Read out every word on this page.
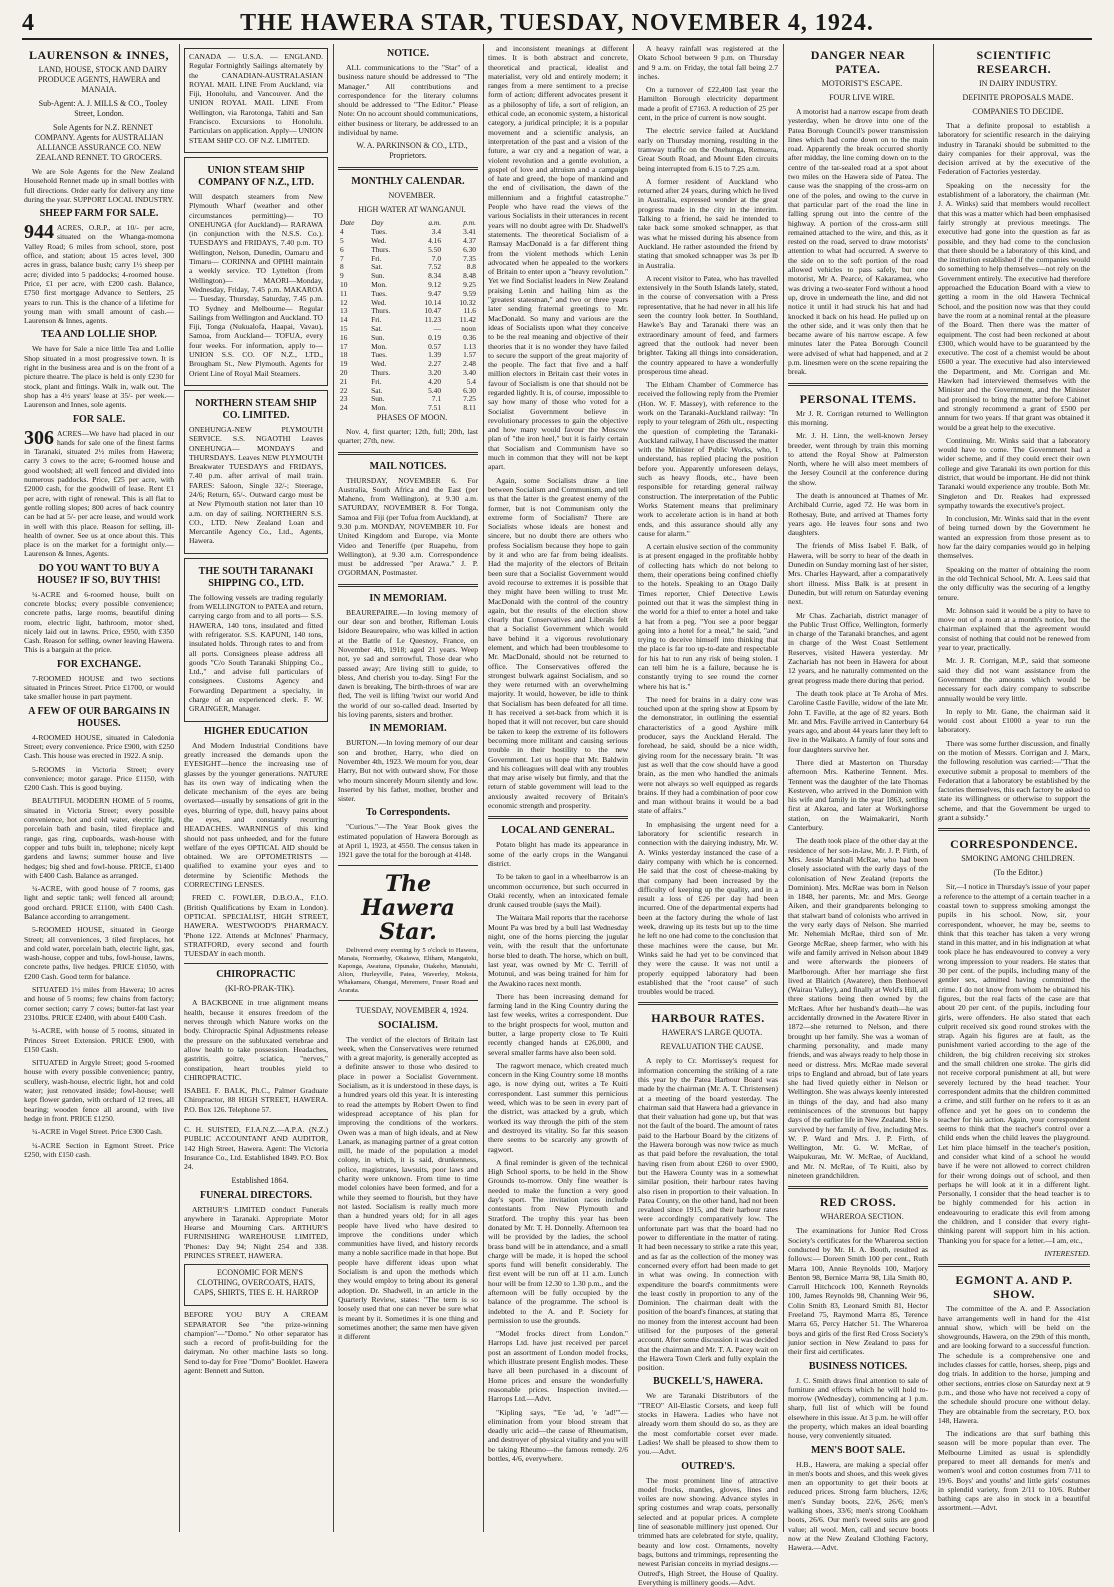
4	THE HAWERA STAR, TUESDAY, NOVEMBER 4, 1924.
LAURENSON & INNES,

LAND, HOUSE, STOCK AND DAIRY PRODUCE AGENTS, HAWERA and MANAIA.

Sub-Agent: A. J. MILLS & CO., Tooley Street, London.

Sole Agents for N.Z. RENNET COMPANY. Agents for AUSTRALIAN ALLIANCE ASSURANCE CO. NEW ZEALAND RENNET. TO GROCERS.

We are Sole Agents for the New Zealand Household Rennet made up in small bottles with full directions. Order early for delivery any time during the year. SUPPORT LOCAL INDUSTRY.

SHEEP FARM FOR SALE.

944 ACRES, O.R.P., at 10/- per acre, situated on the Whanga-momona Valley Road; 6 miles from school, store, post office, and station; about 15 acres level, 300 acres in grass, balance bush; carry 1½ sheep per acre; divided into 5 paddocks; 4-roomed house. Price, £1 per acre, with £200 cash. Balance, £750 first mortgage Advance to Settlers, 25 years to run. This is the chance of a lifetime for young man with small amount of cash.—Laurenson & Innes, agents.

TEA AND LOLLIE SHOP.

We have for Sale a nice little Tea and Lollie Shop situated in a most progressive town. It is right in the business area and is on the front of a picture theatre. The place is held is only £230 for stock, plant and fittings. Walk in, walk out. The shop has a 4½ years' lease at 35/- per week.—Laurenson and Innes, sole agents.

FOR SALE.

306 ACRES—We have had placed in our hands for sale one of the finest farms in Taranaki, situated 2½ miles from Hawera; carry 3 cows to the acre; 6-roomed house and good woolshed; all well fenced and divided into numerous paddocks. Price, £25 per acre, with £2000 cash, for the goodwill of lease. Rent £1 per acre, with right of renewal. This is all flat to gentle rolling slopes; 800 acres of back country can be had at 5/- per acre lease, and would work in well with this place. Reason for selling, ill-health of owner. See us at once about this. This place is on the market for a fortnight only.—Laurenson & Innes, Agents.

DO YOU WANT TO BUY A HOUSE? IF SO, BUY THIS!

¼-ACRE and 6-roomed house, built on concrete blocks; every possible convenience; concrete paths, large rooms, beautiful dining room, electric light, bathroom, motor shed, nicely laid out in lawns. Price, £950, with £350 Cash. Reason for selling, owner leaving Hawera. This is a bargain at the price.

FOR EXCHANGE.

7-ROOMED HOUSE and two sections situated in Princes Street. Price £1700, or would take smaller house in part payment.

A FEW OF OUR BARGAINS IN HOUSES.

4-ROOMED HOUSE, situated in Caledonia Street; every convenience. Price £900, with £250 Cash. This house was erected in 1922. A snip.

5-ROOMS in Victoria Street; every convenience; motor garage. Price £1150, with £200 Cash. This is good buying.

BEAUTIFUL MODERN HOME of 5 rooms, situated in Victoria Street; every possible convenience, hot and cold water, electric light, porcelain bath and basin, tiled fireplace and range, gas ring, cupboards, wash-house with copper and tubs built in, telephone; nicely kept gardens and lawns; summer house and live hedges; big shed and fowl-house. PRICE, £1400 with £400 Cash. Balance as arranged.

¼-ACRE, with good house of 7 rooms, gas light and septic tank; well fenced all around; good orchard. PRICE £1100, with £400 Cash. Balance according to arrangement.

5-ROOMED HOUSE, situated in George Street; all conveniences, 3 tiled fireplaces, hot and cold water, porcelain bath, electric light, gas, wash-house, copper and tubs, fowl-house, lawns, concrete paths, live hedges. PRICE £1050, with £200 Cash. Good term for balance.

SITUATED 1½ miles from Hawera; 10 acres and house of 5 rooms; few chains from factory; corner section; carry 7 cows; butter-fat last year 2310lbs. PRICE £2400, with about £400 Cash.

¼-ACRE, with house of 5 rooms, situated in Princes Street Extension. PRICE £900, with £150 Cash.

SITUATED in Argyle Street; good 5-roomed house with every possible convenience; pantry, scullery, wash-house, electric light, hot and cold water; just renovated inside; fowl-house; well kept flower garden, with orchard of 12 trees, all bearing; wooden fence all around, with live hedge in front. PRICE £1250.

¼-ACRE in Vogel Street. Price £300 Cash.

¼-ACRE Section in Egmont Street. Price £250, with £150 cash.

CANADA — U.S.A. — ENGLAND. Regular Fortnightly Sailings alternately by the CANADIAN-AUSTRALASIAN ROYAL MAIL LINE From Auckland, via Fiji, Honolulu, and Vancouver. And the UNION ROYAL MAIL LINE From Wellington, via Rarotonga, Tahiti and San Francisco. Excursions to Honolulu. Particulars on application. Apply— UNION STEAM SHIP CO. OF N.Z. LIMITED.

UNION STEAM SHIP COMPANY OF N.Z., LTD.

Will despatch steamers from New Plymouth Wharf (weather and other circumstances permitting)— TO ONEHUNGA (for Auckland)— RARAWA (in conjunction with the N.S.S. Co.). TUESDAYS and FRIDAYS, 7.40 p.m. TO Wellington, Nelson, Dunedin, Oamaru and Timaru— CORINNA and OPIHI maintain a weekly service. TO Lyttelton (from Wellington)— MAORI—Monday, Wednesday, Friday, 7.45 p.m. MAKAROA — Tuesday, Thursday, Saturday, 7.45 p.m. TO Sydney and Melbourne— Regular Sailings from Wellington and Auckland. TO Fiji, Tonga (Nukualofa, Haapai, Vavau), Samoa, from Auckland— TOFUA, every four weeks. For information, apply to— UNION S.S. CO. OF N.Z., LTD., Brougham St., New Plymouth. Agents for Orient Line of Royal Mail Steamers.

NORTHERN STEAM SHIP CO. LIMITED.

ONEHUNGA-NEW PLYMOUTH SERVICE. S.S. NGAOTHI Leaves ONEHUNGA— MONDAYS and THURSDAYS. Leaves NEW PLYMOUTH Breakwater TUESDAYS and FRIDAYS, 7.40 p.m. after arrival of mail train. FARES: Saloon, Single 32/-; Steerage, 24/6; Return, 65/-. Outward cargo must be at New Plymouth station not later than 10 a.m. on day of sailing. NORTHERN S.S. CO., LTD. New Zealand Loan and Mercantile Agency Co., Ltd., Agents, Hawera.

THE SOUTH TARANAKI SHIPPING CO., LTD.

The following vessels are trading regularly from WELLINGTON to PATEA and return, carrying cargo from and to all ports— S.S. HAWERA, 140 tons, insulated and fitted with refrigerator. S.S. KAPUNI, 140 tons, insulated holds. Through rates to and from all ports. Consignees please address all goods "C/o South Taranaki Shipping Co., Ltd.," and advise full particulars of consignees. Customs Agency and Forwarding Department a specialty, in charge of an experienced clerk. F. W. GRAINGER, Manager.

HIGHER EDUCATION

And Modern Industrial Conditions have greatly increased the demands upon the EYESIGHT—hence the increasing use of glasses by the younger generations. NATURE has its own way of indicating when the delicate mechanism of the eyes are being overtaxed—usually by sensations of grit in the eyes, blurring of type, dull, heavy pains about the eyes, and constantly recurring HEADACHES. WARNINGS of this kind should not pass unheeded, and for the future welfare of the eyes OPTICAL AID should be obtained. We are OPTOMETRISTS —qualified to examine your eyes and to determine by Scientific Methods the CORRECTING LENSES.

FRED C. FOWLER, D.B.O.A., F.I.O. (British Qualifications by Exam in London). OPTICAL SPECIALIST, HIGH STREET, HAWERA. WESTWOOD'S PHARMACY. 'Phone 122. Attends at McInnes' Pharmacy, STRATFORD, every second and fourth TUESDAY in each month.

CHIROPRACTIC

(KI-RO-PRAK-TIK).

A BACKBONE in true alignment means health, because it ensures freedom of the nerves through which Nature works on the body. Chiropractic Spinal Adjustments release the pressure on the subluxated vertebrae and allow health to take possession. Headaches, gastritis, goitre, sciatica, "nerves," constipation, heart troubles yield to CHIROPRACTIC.

ISABEL F. BALK, Ph.C., Palmer Graduate Chiropractor, 88 HIGH STREET, HAWERA. P.O. Box 126. Telephone 57.

C. H. SUISTED, F.I.A.N.Z.—A.P.A. (N.Z.) PUBLIC ACCOUNTANT AND AUDITOR, 142 High Street, Hawera. Agent: The Victoria Insurance Co., Ltd. Established 1849. P.O. Box 24.

Established 1864.

FUNERAL DIRECTORS.

ARTHUR'S LIMITED conduct Funerals anywhere in Taranaki. Appropriate Motor Hearse and Mourning Cars. ARTHUR'S FURNISHING WAREHOUSE LIMITED, 'Phones: Day 94; Night 254 and 338. PRINCES STREET, HAWERA.

ECONOMIC FOR MEN'S CLOTHING, OVERCOATS, HATS, CAPS, SHIRTS, TIES E. H. HARROP

BEFORE YOU BUY A CREAM SEPARATOR See "the prize-winning champion"—"Domo." No other separator has such a record of profit-building for the dairyman. No other machine lasts so long. Send to-day for Free "Domo" Booklet. Hawera agent: Bennett and Sutton.

NOTICE.

ALL communications to the "Star" of a business nature should be addressed to "The Manager." All contributions and correspondence for the literary columns should be addressed to "The Editor." Please Note: On no account should communications, either business or literary, be addressed to an individual by name.

W. A. PARKINSON & CO., LTD., Proprietors.

MONTHLY CALENDAR.

NOVEMBER.

HIGH WATER AT WANGANUI.

Date	Day	a.m.	p.m.
4	Tues.	3.4	3.41
5	Wed.	4.16	4.37
6	Thurs.	5.50	6.30
7	Fri.	7.0	7.35
8	Sat.	7.52	8.8
9	Sun.	8.34	8.48
10	Mon.	9.12	9.25
11	Tues.	9.47	9.59
12	Wed.	10.14	10.32
13	Thurs.	10.47	11.6
14	Fri.	11.23	11.42
15	Sat.	—	noon
16	Sun.	0.19	0.36
17	Mon.	0.57	1.13
18	Tues.	1.39	1.57
19	Wed.	2.27	2.48
20	Thurs.	3.20	3.40
21	Fri.	4.20	5.4
22	Sat.	5.40	6.30
23	Sun.	7.1	7.25
24	Mon.	7.51	8.11

PHASES OF MOON.

Nov. 4, first quarter; 12th, full; 20th, last quarter; 27th, new.

MAIL NOTICES.

THURSDAY, NOVEMBER 6. For Australia, South Africa and the East (per Maheno, from Wellington), at 9.30 a.m. SATURDAY, NOVEMBER 8. For Tonga, Samoa and Fiji (per Tofua from Auckland), at 9.30 p.m. MONDAY, NOVEMBER 10. For United Kingdom and Europe, via Monte Video and Teneriffe (per Ruapehu, from Wellington), at 9.30 a.m. Correspondence must be addressed "per Arawa." J. P. O'GORMAN, Postmaster.

IN MEMORIAM.

BEAUREPAIRE.—In loving memory of our dear son and brother, Rifleman Louis Isidore Beaurepaire, who was killed in action at the Battle of Le Quesnoy, France, on November 4th, 1918; aged 21 years. Weep not, ye sad and sorrowful, Those dear who passed away; Are living still to guide, to bless, And cherish you to-day. Sing! For the dawn is breaking, The birth-throes of war are fled, The veil is lifting 'twixt our world And the world of our so-called dead. Inserted by his loving parents, sisters and brother.

IN MEMORIAM.

BURTON.—In loving memory of our dear son and brother, Harry, who died on November 4th, 1923. We mourn for you, dear Harry, But not with outward show, For those who mourn sincerely Mourn silently and low. Inserted by his father, mother, brother and sister.

To Correspondents.

"Curious."—The Year Book gives the estimated population of Hawera Borough as at April 1, 1923, at 4550. The census taken in 1921 gave the total for the borough at 4148.

The Hawera Star.

Delivered every evening by 5 o'clock to Hawera, Manaia, Normanby, Okaiawa, Eltham, Mangatoki, Kaponga, Awatuna, Opunake, Otakeho, Manutahi, Alton, Hurleyville, Patea, Waverley, Mokoia, Whakamara, Ohangai, Meremere, Fraser Road and Ararata.

TUESDAY, NOVEMBER 4, 1924.

SOCIALISM.

The verdict of the electors of Britain last week, when the Conservatives were returned with a great majority, is generally accepted as a definite answer to those who desired to place in power a Socialist Government. Socialism, as it is understood in these days, is a hundred years old this year. It is interesting to read the attempts by Robert Owen to find widespread acceptance of his plan for improving the conditions of the workers. Owen was a man of high ideals, and at New Lanark, as managing partner of a great cotton mill, he made of the population a model colony, in which, it is said, drunkenness, police, magistrates, lawsuits, poor laws and charity were unknown. From time to time model colonies have been formed, and for a while they seemed to flourish, but they have not lasted. Socialism is really much more than a hundred years old; for in all ages people have lived who have desired to improve the conditions under which communities have lived, and history records many a noble sacrifice made in that hope. But people have different ideas upon what Socialism is and upon the methods which they would employ to bring about its general adoption. Dr. Shadwell, in an article in the Quarterly Review, states: "The term is so loosely used that one can never be sure what is meant by it. Sometimes it is one thing and sometimes another; the same men have given it different

and inconsistent meanings at different times. It is both abstract and concrete, theoretical and practical, idealist and materialist, very old and entirely modern; it ranges from a mere sentiment to a precise form of action; different advocates present it as a philosophy of life, a sort of religion, an ethical code, an economic system, a historical category, a juridical principle; it is a popular movement and a scientific analysis, an interpretation of the past and a vision of the future, a war cry and a negation of war, a violent revolution and a gentle evolution, a gospel of love and altruism and a campaign of hate and greed, the hope of mankind and the end of civilisation, the dawn of the millennium and a frightful catastrophe." People who have read the views of the various Socialists in their utterances in recent years will no doubt agree with Dr. Shadwell's statements. The theoretical Socialism of a Ramsay MacDonald is a far different thing from the violent methods which Lenin advocated when he appealed to the workers of Britain to enter upon a "heavy revolution." Yet we find Socialist leaders in New Zealand praising Lenin and hailing him as the "greatest statesman," and two or three years later sending fraternal greetings to Mr. MacDonald. So many and various are the ideas of Socialists upon what they conceive to be the real meaning and objective of their theories that it is no wonder they have failed to secure the support of the great majority of the people. The fact that five and a half million electors in Britain cast their votes in favour of Socialism is one that should not be regarded lightly. It is, of course, impossible to say how many of those who voted for a Socialist Government believe in revolutionary processes to gain the objective and how many would favour the Moscow plan of "the iron heel," but it is fairly certain that Socialism and Communism have so much in common that they will not be kept apart.

Again, some Socialists draw a line between Socialism and Communism, and tell us that the latter is the greatest enemy of the former, but is not Communism only the extreme form of Socialism? There are Socialists whose ideals are honest and sincere, but no doubt there are others who profess Socialism because they hope to gain by it and who are far from being idealists. Had the majority of the electors of Britain been sure that a Socialist Government would avoid recourse to extremes it is possible that they might have been willing to trust Mr. MacDonald with the control of the country again, but the results of the election show clearly that Conservatives and Liberals felt that a Socialist Government which would have behind it a vigorous revolutionary element, and which had been troublesome to Mr. MacDonald, should not be returned to office. The Conservatives offered the strongest bulwark against Socialism, and so they were returned with an overwhelming majority. It would, however, be idle to think that Socialism has been defeated for all time. It has received a set-back from which it is hoped that it will not recover, but care should be taken to keep the extreme of its followers becoming more militant and causing serious trouble in their hostility to the new Government. Let us hope that Mr. Baldwin and his colleagues will deal with any troubles that may arise wisely but firmly, and that the return of stable government will lead to the anxiously awaited recovery of Britain's economic strength and prosperity.

LOCAL AND GENERAL.

Potato blight has made its appearance in some of the early crops in the Wanganui district.

To be taken to gaol in a wheelbarrow is an uncommon occurrence, but such occurred in Otaki recently, when an intoxicated female drunk caused trouble (says the Mail).

The Waitara Mail reports that the racehorse Mount Pa was bred by a bull last Wednesday night, one of the horns piercing the jugular vein, with the result that the unfortunate horse bled to death. The horse, which on bull, last year, was owned by Mr C. Terrill of Motunui, and was being trained for him for the Awakino races next month.

There has been increasing demand for farming land in the King Country during the last few weeks, writes a correspondent. Due to the bright prospects for wool, mutton and butter, a large property close to Te Kuiti recently changed hands at £26,000, and several smaller farms have also been sold.

The ragwort menace, which created much concern in the King Country some 18 months ago, is now dying out, writes a Te Kuiti correspondent. Last summer this pernicious weed, which was to be seen in every part of the district, was attacked by a grub, which worked its way through the pith of the stem and destroyed its vitality. So far this season there seems to be scarcely any growth of ragwort.

A final reminder is given of the technical High School sports, to be held in the Show Grounds to-morrow. Only fine weather is needed to make the function a very good day's sport. The invitation races include contestants from New Plymouth and Stratford. The trophy this year has been donated by Mr. T. H. Donnelly. Afternoon tea will be provided by the ladies, the school brass band will be in attendance, and a small charge will be made, it is hoped the school sports fund will benefit considerably. The first event will be run off at 11 a.m. Lunch hour will be from 12.30 to 1.30 p.m., and the afternoon will be fully occupied by the balance of the programme. The school is indebted to the A. and P. Society for permission to use the grounds.

"Model frocks direct from London." Harrops Ltd. have just received per parcel post an assortment of London model frocks, which illustrate present English modes. These have all been purchased in a discount of Home prices and ensure the wonderfully reasonable prices. Inspection invited.—Harrops Ltd.—Advt.

"Kipling says, "'Ee 'ad, 'e 'ad!'"—elimination from your blood stream that deadly uric acid—the cause of Rheumatism, and destroyer of physical vitality and you will be taking Rheumo—the famous remedy. 2/6 bottles, 4/6, everywhere.

A heavy rainfall was registered at the Okato School between 9 p.m. on Thursday and 9 a.m. on Friday, the total fall being 2.7 inches.

On a turnover of £22,400 last year the Hamilton Borough electricity department made a profit of £7163. A reduction of 25 per cent, in the price of current is now sought.

The electric service failed at Auckland early on Thursday morning, resulting in the tramway traffic on the Onehunga, Remuera, Great South Road, and Mount Eden circuits being interrupted from 6.15 to 7.25 a.m.

A former resident of Auckland who returned after 24 years, during which he lived in Australia, expressed wonder at the great progress made in the city in the interim. Talking to a friend, he said he intended to take back some smoked schnapper, as that was what he missed during his absence from Auckland. He rather astounded the friend by stating that smoked schnapper was 3s per lb in Australia.

A recent visitor to Patea, who has travelled extensively in the South Islands lately, stated, in the course of conversation with a Press representative, that he had never in all his life seen the country look better. In Southland, Hawke's Bay and Taranaki there was an extraordinary amount of feed, and farmers agreed that the outlook had never been brighter. Taking all things into consideration, the country appeared to have a wonderfully prosperous time ahead.

The Eltham Chamber of Commerce has received the following reply from the Premier (Hon. W. F. Massey), with reference to the work on the Taranaki-Auckland railway: "In reply to your telegram of 26th ult., respecting the question of completing the Taranaki-Auckland railway, I have discussed the matter with the Minister of Public Works, who, I understand, has replied placing the position before you. Apparently unforeseen delays, such as heavy floods, etc., have been responsible for retarding general railway construction. The interpretation of the Public Works Statement means that preliminary work to accelerate action is in hand at both ends, and this assurance should ally any cause for alarm."

A certain elusive section of the community is at present engaged in the profitable hobby of collecting hats which do not belong to them, their operations being confined chiefly to the hotels. Speaking to an Otago Daily Times reporter, Chief Detective Lewis pointed out that it was the simplest thing in the world for a thief to enter a hotel and take a hat from a peg. "You see a poor beggar going into a hotel for a meal," he said, "and trying to deceive himself into thinking that the place is far too up-to-date and respectable for his hat to run any risk of being stolen. I can tell him he is a failure, because he is constantly trying to see round the corner where his hat is."

The need for brains in a dairy cow was touched upon at the spring show at Epsom by the demonstrator, in outlining the essential characteristics of a good Ayshire milk producer, says the Auckland Herald. The forehead, he said, should be a nice width, giving room for the necessary brain. "It was just as well that the cow should have a good brain, as the men who handled the animals were not always so well equipped as regards brains. If they had a combination of poor cow and man without brains it would be a bad state of affairs."

In emphasising the urgent need for a laboratory for scientific research in connection with the dairying industry, Mr. W. A. Winks yesterday instanced the case of a dairy company with which he is concerned. He said that the cost of cheese-making by that company had been increased by the difficulty of keeping up the quality, and in a result a loss of £26 per day had been incurred. One of the departmental experts had been at the factory during the whole of last week, drawing up its tests but up to the time he left no one had come to the conclusion that these machines were the cause, but Mr. Winks said he had yet to be convinced that they were the cause. It was not until a properly equipped laboratory had been established that the "root cause" of such troubles would be traced.

HARBOUR RATES.

HAWERA'S LARGE QUOTA.

REVALUATION THE CAUSE.

A reply to Cr. Morrissey's request for information concerning the striking of a rate this year by the Patea Harbour Board was made by the chairman (Mr. A. T. Christensen) at a meeting of the board yesterday. The chairman said that Hawera had a grievance in that their valuation had gone up, but that was not the fault of the board. The amount of rates paid to the Harbour Board by the citizens of the Hawera borough was now twice as much as that paid before the revaluation, the total having risen from about £260 to over £900, but the Hawera County was in a somewhat similar position, their harbour rates having also risen in proportion to their valuation. In Patea County, on the other hand, had not been revalued since 1915, and their harbour rates were accordingly comparatively low. The unfortunate part was that the board had no power to differentiate in the matter of rating. It had been necessary to strike a rate this year, and as far as the collection of the money was concerned every effort had been made to get in what was owing. In connection with expenditure the board's commitments were the least costly in proportion to any of the Dominion. The chairman dealt with the position of the board's finances, at stating that no money from the interest account had been utilised for the purposes of the general account. After some discussion it was decided that the chairman and Mr. T. A. Pacey wait on the Hawera Town Clerk and fully explain the position.

BUCKELL'S, HAWERA.

We are Taranaki Distributors of the "TREO" All-Elastic Corsets, and keep full stocks in Hawera. Ladies who have not already worn them should do so, as they are the most comfortable corset ever made. Ladies! We shall be pleased to show them to you.—Advt.

OUTRED'S.

The most prominent line of attractive model frocks, mantles, gloves, lines and voiles are now showing. Advance styles in spring costumes and wrap coats, personally selected and at popular prices. A complete line of seasonable millinery just opened. Our trimmed hats are celebrated for style, quality, beauty and low cost. Ornaments, novelty bags, buttons and trimmings, representing the newest Parisian conceits in myriad designs.—Outred's, High Street, the House of Quality. Everything is millinery goods.—Advt.

DANGER NEAR PATEA.

MOTORIST'S ESCAPE.

FOUR LIVE WIRE.

A motorist had a narrow escape from death yesterday, when he drove into one of the Patea Borough Council's power transmission lines which had come down on to the main road. Apparently the break occurred shortly after midday, the line coming down on to the centre of the tar-sealed road at a spot about two miles on the Hawera side of Patea. The cause was the snapping of the cross-arm on one of the poles, and owing to the curve in that particular part of the road the line in falling sprung out into the centre of the highway. A portion of the cross-arm still remained attached to the wire, and this, as it rested on the road, served to draw motorists' attention to what had occurred. A swerve to the side on to the soft portion of the road allowed vehicles to pass safely, but one motorist, Mr A. Pearce, of Kakaramea, who was driving a two-seater Ford without a hood up, drove in underneath the line, and did not notice it until it had struck his hat and had knocked it back on his head. He pulled up on the other side, and it was only then that he became aware of his narrow escape. A few minutes later the Patea Borough Council were advised of what had happened, and at 2 p.m. linesmen were on the scene repairing the break.

PERSONAL ITEMS.

Mr J. R. Corrigan returned to Wellington this morning.

Mr. J. H. Linn, the well-known Jersey breeder, went through by train this morning to attend the Royal Show at Palmerston North, where he will also meet members of the Jersey Council at the conference during the show.

The death is announced at Thames of Mr. Archibald Currie, aged 72. He was born in Rothesay, Bute, and arrived at Thames forty years ago. He leaves four sons and two daughters.

The friends of Miss Isabel F. Balk, of Hawera, will be sorry to hear of the death in Dunedin on Sunday morning last of her sister, Mrs. Charles Hayward, after a comparatively short illness. Miss Balk is at present in Dunedin, but will return on Saturday evening next.

Mr Chas. Zachariah, district manager of the Public Trust Office, Wellington, formerly in charge of the Taranaki branches, and agent in charge of the West Coast Settlement Reserves, visited Hawera yesterday. Mr Zachariah has not been in Hawera for about 12 years, and he naturally commented on the great progress made there during that period.

The death took place at Te Aroha of Mrs. Caroline Castle Faville, widow of the late Mr. John T. Faville, at the age of 82 years. Both Mr. and Mrs. Faville arrived in Canterbury 64 years ago, and about 44 years later they left to live in the Waikato. A family of four sons and four daughters survive her.

There died at Masterton on Thursday afternoon Mrs. Katherine Tennent. Mrs. Tennent was the daughter of the late Thomas Kesteven, who arrived in the Dominion with his wife and family in the year 1863, settling first at Akaroa, and later at Workinghorse station, on the Waimakariri, North Canterbury.

The death took place of the other day at the residence of her son-in-law, Mr. J. P. Firth, of Mrs. Jessie Marshall McRae, who had been closely associated with the early days of the colonisation of New Zealand (reports the Dominion). Mrs. McRae was born in Nelson in 1848, her parents, Mr. and Mrs. George Aiken, and their grandparents belonging to that stalwart band of colonists who arrived in the very early days of Nelson. She married Mr. Nehemiah McRae, third son of Mr. George McRae, sheep farmer, who with his wife and family arrived in Nelson about 1849 and were afterwards the pioneers of Marlborough. After her marriage she first lived at Blairich (Awatere), then Benhoevel (Wairau Valley), and finally at Weld's Hill, all three stations being then owned by the McRaes. After her husband's death—he was accidentally drowned in the Awatere River in 1872—she returned to Nelson, and there brought up her family. She was a woman of charming personality, and made many friends, and was always ready to help those in need or distress. Mrs. McRae made several trips to England and abroad, but of late years she had lived quietly either in Nelson or Wellington. She was always keenly interested in things of the day, and had also many reminiscences of the strenuous but happy days of the earlier life in New Zealand. She is survived by her family of five, including Mrs. W. P. Ward and Mrs. J. P. Firth, of Wellington, Mr. G. W. McRae, of Waipukurau, Mr. W. McRae, of Auckland, and Mr. N. McRae, of Te Kuiti, also by nineteen grandchildren.

RED CROSS.

WHAREROA SECTION.

The examinations for Junior Red Cross Society's certificates for the Whareroa section conducted by Mr. H. A. Booth, resulted as follows:— Doreen Smith 100 per cent., Ruth Marra 100, Annie Reynolds 100, Marjory Benton 98, Bernice Marra 98, Lila Smith 80, Carroll Hitchcock 100, Kenneth Reynolds 100, James Reynolds 98, Channing Weir 96, Colin Smith 83, Leonard Smith 81, Hector Freeland 75, Raymond Marra 85, Terence Marra 65, Percy Hatcher 51. The Whareroa boys and girls of the first Red Cross Society's junior section in New Zealand to pass for their first aid certificates.

BUSINESS NOTICES.

J. C. Smith draws final attention to sale of furniture and effects which he will hold to-morrow (Wednesday), commencing at 1 p.m. sharp, full list of which will be found elsewhere in this issue. At 3 p.m. he will offer the property, which makes an ideal boarding house, very conveniently situated.

MEN'S BOOT SALE.

H.B., Hawera, are making a special offer in men's boots and shoes, and this week gives men an opportunity to get their boots at reduced prices. Strong farm bluchers, 12/6; men's Sunday boots, 22/6, 26/6; men's walking shoes, 33/6; men's strong Cookham boots, 26/6. Our men's tweed suits are good value; all wool. Men, call and secure boots now at the New Zealand Clothing Factory, Hawera.—Advt.

SCIENTIFIC RESEARCH.

IN DAIRY INDUSTRY.

DEFINITE PROPOSALS MADE.

COMPANIES TO DECIDE.

That a definite proposal to establish a laboratory for scientific research in the dairying industry in Taranaki should be submitted to the dairy companies for their approval, was the decision arrived at by the executive of the Federation of Factories yesterday.

Speaking on the necessity for the establishment of a laboratory, the chairman (Mr. J. A. Winks) said that members would recollect that this was a matter which had been emphasised fairly strongly at previous meetings. The executive had gone into the question as far as possible, and they had come to the conclusion that there should be a laboratory of this kind, and the institution established if the companies would do something to help themselves—not rely on the Government entirely. The executive had therefore approached the Education Board with a view to getting a room in the old Hawera Technical School, and the position now was that they could have the room at a nominal rental at the pleasure of the Board. Then there was the matter of equipment. The cost had been reckoned at about £300, which would have to be guaranteed by the executive. The cost of a chemist would be about £600 a year. The executive had also interviewed the Department, and Mr. Corrigan and Mr. Hawken had interviewed themselves with the Minister and the Government, and the Minister had promised to bring the matter before Cabinet and strongly recommend a grant of £500 per annum for two years. If that grant was obtained it would be a great help to the executive.

Continuing, Mr. Winks said that a laboratory would have to come. The Government had a wider scheme, and if they could erect their own college and give Taranaki its own portion for this district, that would be important. He did not think Taranaki would experience any trouble. Both Mr. Singleton and Dr. Reakes had expressed sympathy towards the executive's project.

In conclusion, Mr. Winks said that in the event of being turned down by the Government he wanted an expression from those present as to how far the dairy companies would go in helping themselves.

Speaking on the matter of obtaining the room in the old Technical School, Mr. A. Lees said that the only difficulty was the securing of a lengthy tenure.

Mr. Johnson said it would be a pity to have to move out of a room at a month's notice, but the chairman explained that the agreement would consist of nothing that could not be renewed from year to year, practically.

Mr. J. R. Corrigan, M.P., said that someone said they did not want assistance from the Government the amounts which would be necessary for each dairy company to subscribe annually would be very little.

In reply to Mr. Gane, the chairman said it would cost about £1000 a year to run the laboratory.

There was some further discussion, and finally on the motion of Messrs. Corrigan and J. Marx, the following resolution was carried:—"That the executive submit a proposal to members of the Federation that a laboratory be established by the factories themselves, this each factory be asked to state its willingness or otherwise to support the scheme, and that the Government be urged to grant a subsidy."

CORRESPONDENCE.

SMOKING AMONG CHILDREN.

(To the Editor.)

Sir,—I notice in Thursday's issue of your paper a reference to the attempt of a certain teacher in a coastal town to suppress smoking amongst the pupils in his school. Now, sir, your correspondent, whoever, he may be, seems to think that this teacher has taken a very wrong stand in this matter, and in his indignation at what took place he has endeavoured to convey a very wrong impression to your readers. He states that 30 per cent. of the pupils, including many of the gentler sex, admitted having committed the crime. I do not know from whom he obtained his figures, but the real facts of the case are that about 20 per cent. of the pupils, including four girls, were offenders. He also stated that each culprit received six good round strokes with the strap. Again his figures are at fault, as the punishment varied according to the age of the children, the big children receiving six strokes and the small children one stroke. The girls did not receive corporal punishment at all, but were severely lectured by the head teacher. Your correspondent admits that the children committed a crime, and still further on he refers to it as an offence and yet he goes on to condemn the teacher for his action. Again, your correspondent seems to think that the teacher's control over a child ends when the child leaves the playground. Let him place himself in the teacher's position, and consider what kind of a school he would have if he were not allowed to correct children for their wrong doings out of school, and then perhaps he will look at it in a different light. Personally, I consider that the head teacher is to be highly commended for his action in endeavouring to eradicate this evil from among the children, and I consider that every right-thinking parent will support him in his action. Thanking you for space for a letter.—I am, etc.,

INTERESTED.

EGMONT A. AND P. SHOW.

The committee of the A. and P. Association have arrangements well in hand for the 41st annual show, which will be held on the showgrounds, Hawera, on the 29th of this month, and are looking forward to a successful function. The schedule is a comprehensive one and includes classes for cattle, horses, sheep, pigs and dog trials. In addition to the horse, jumping and other sections, entries close on Saturday next at 9 p.m., and those who have not received a copy of the schedule should procure one without delay. They are obtainable from the secretary, P.O. box 148, Hawera.

The indications are that surf bathing this season will be more popular than ever. The Melbourne Limited as usual is splendidly prepared to meet all demands for men's and women's wool and cotton costumes from 7/11 to 19/6. Boys' and youths' and little girls' costumes in splendid variety, from 2/11 to 10/6. Rubber bathing caps are also in stock in a beautiful assortment.—Advt.
